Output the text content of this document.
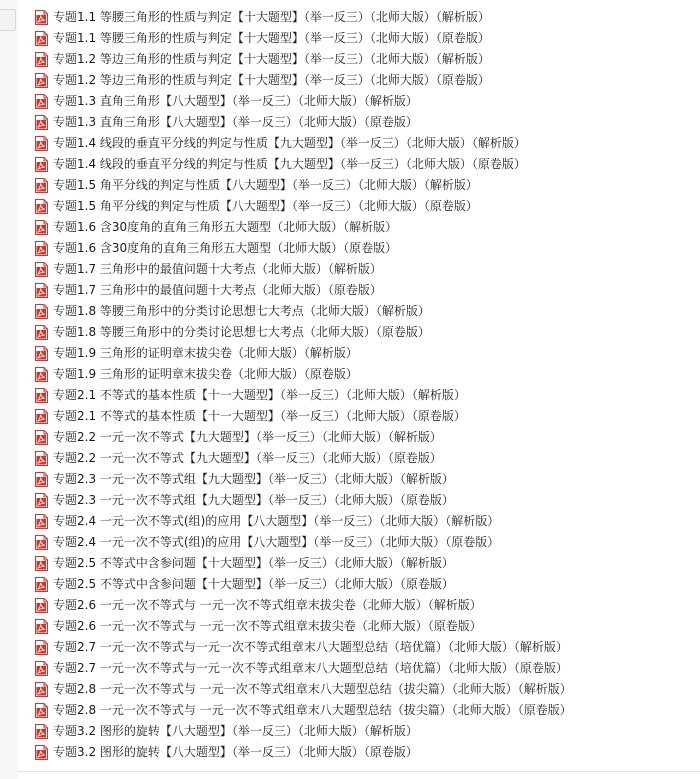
专题1.1 等腰三角形的性质与判定【十大题型】（举一反三）（北师大版）（解析版）
专题1.1 等腰三角形的性质与判定【十大题型】（举一反三）（北师大版）（原卷版）
专题1.2 等边三角形的性质与判定【十大题型】（举一反三）（北师大版）（解析版）
专题1.2 等边三角形的性质与判定【十大题型】（举一反三）（北师大版）（原卷版）
专题1.3 直角三角形【八大题型】（举一反三）（北师大版）（解析版）
专题1.3 直角三角形【八大题型】（举一反三）（北师大版）（原卷版）
专题1.4 线段的垂直平分线的判定与性质【九大题型】（举一反三）（北师大版）（解析版）
专题1.4 线段的垂直平分线的判定与性质【九大题型】（举一反三）（北师大版）（原卷版）
专题1.5 角平分线的判定与性质【八大题型】（举一反三）（北师大版）（解析版）
专题1.5 角平分线的判定与性质【八大题型】（举一反三）（北师大版）（原卷版）
专题1.6 含30度角的直角三角形五大题型（北师大版）（解析版）
专题1.6 含30度角的直角三角形五大题型（北师大版）（原卷版）
专题1.7 三角形中的最值问题十大考点（北师大版）（解析版）
专题1.7 三角形中的最值问题十大考点（北师大版）（原卷版）
专题1.8 等腰三角形中的分类讨论思想七大考点（北师大版）（解析版）
专题1.8 等腰三角形中的分类讨论思想七大考点（北师大版）（原卷版）
专题1.9 三角形的证明章末拔尖卷（北师大版）（解析版）
专题1.9 三角形的证明章末拔尖卷（北师大版）（原卷版）
专题2.1 不等式的基本性质【十一大题型】（举一反三）（北师大版）（解析版）
专题2.1 不等式的基本性质【十一大题型】（举一反三）（北师大版）（原卷版）
专题2.2 一元一次不等式【九大题型】（举一反三）（北师大版）（解析版）
专题2.2 一元一次不等式【九大题型】（举一反三）（北师大版）（原卷版）
专题2.3 一元一次不等式组【九大题型】（举一反三）（北师大版）（解析版）
专题2.3 一元一次不等式组【九大题型】（举一反三）（北师大版）（原卷版）
专题2.4 一元一次不等式(组)的应用【八大题型】（举一反三）（北师大版）（解析版）
专题2.4 一元一次不等式(组)的应用【八大题型】（举一反三）（北师大版）（原卷版）
专题2.5 不等式中含参问题【十大题型】（举一反三）（北师大版）（解析版）
专题2.5 不等式中含参问题【十大题型】（举一反三）（北师大版）（原卷版）
专题2.6 一元一次不等式与 一元一次不等式组章末拔尖卷（北师大版）（解析版）
专题2.6 一元一次不等式与 一元一次不等式组章末拔尖卷（北师大版）（原卷版）
专题2.7 一元一次不等式与一元一次不等式组章末八大题型总结（培优篇）（北师大版）（解析版）
专题2.7 一元一次不等式与一元一次不等式组章末八大题型总结（培优篇）（北师大版）（原卷版）
专题2.8 一元一次不等式与 一元一次不等式组章末八大题型总结（拔尖篇）（北师大版）（解析版）
专题2.8 一元一次不等式与 一元一次不等式组章末八大题型总结（拔尖篇）（北师大版）（原卷版）
专题3.2 图形的旋转【八大题型】（举一反三）（北师大版）（解析版）
专题3.2 图形的旋转【八大题型】（举一反三）（北师大版）（原卷版）
